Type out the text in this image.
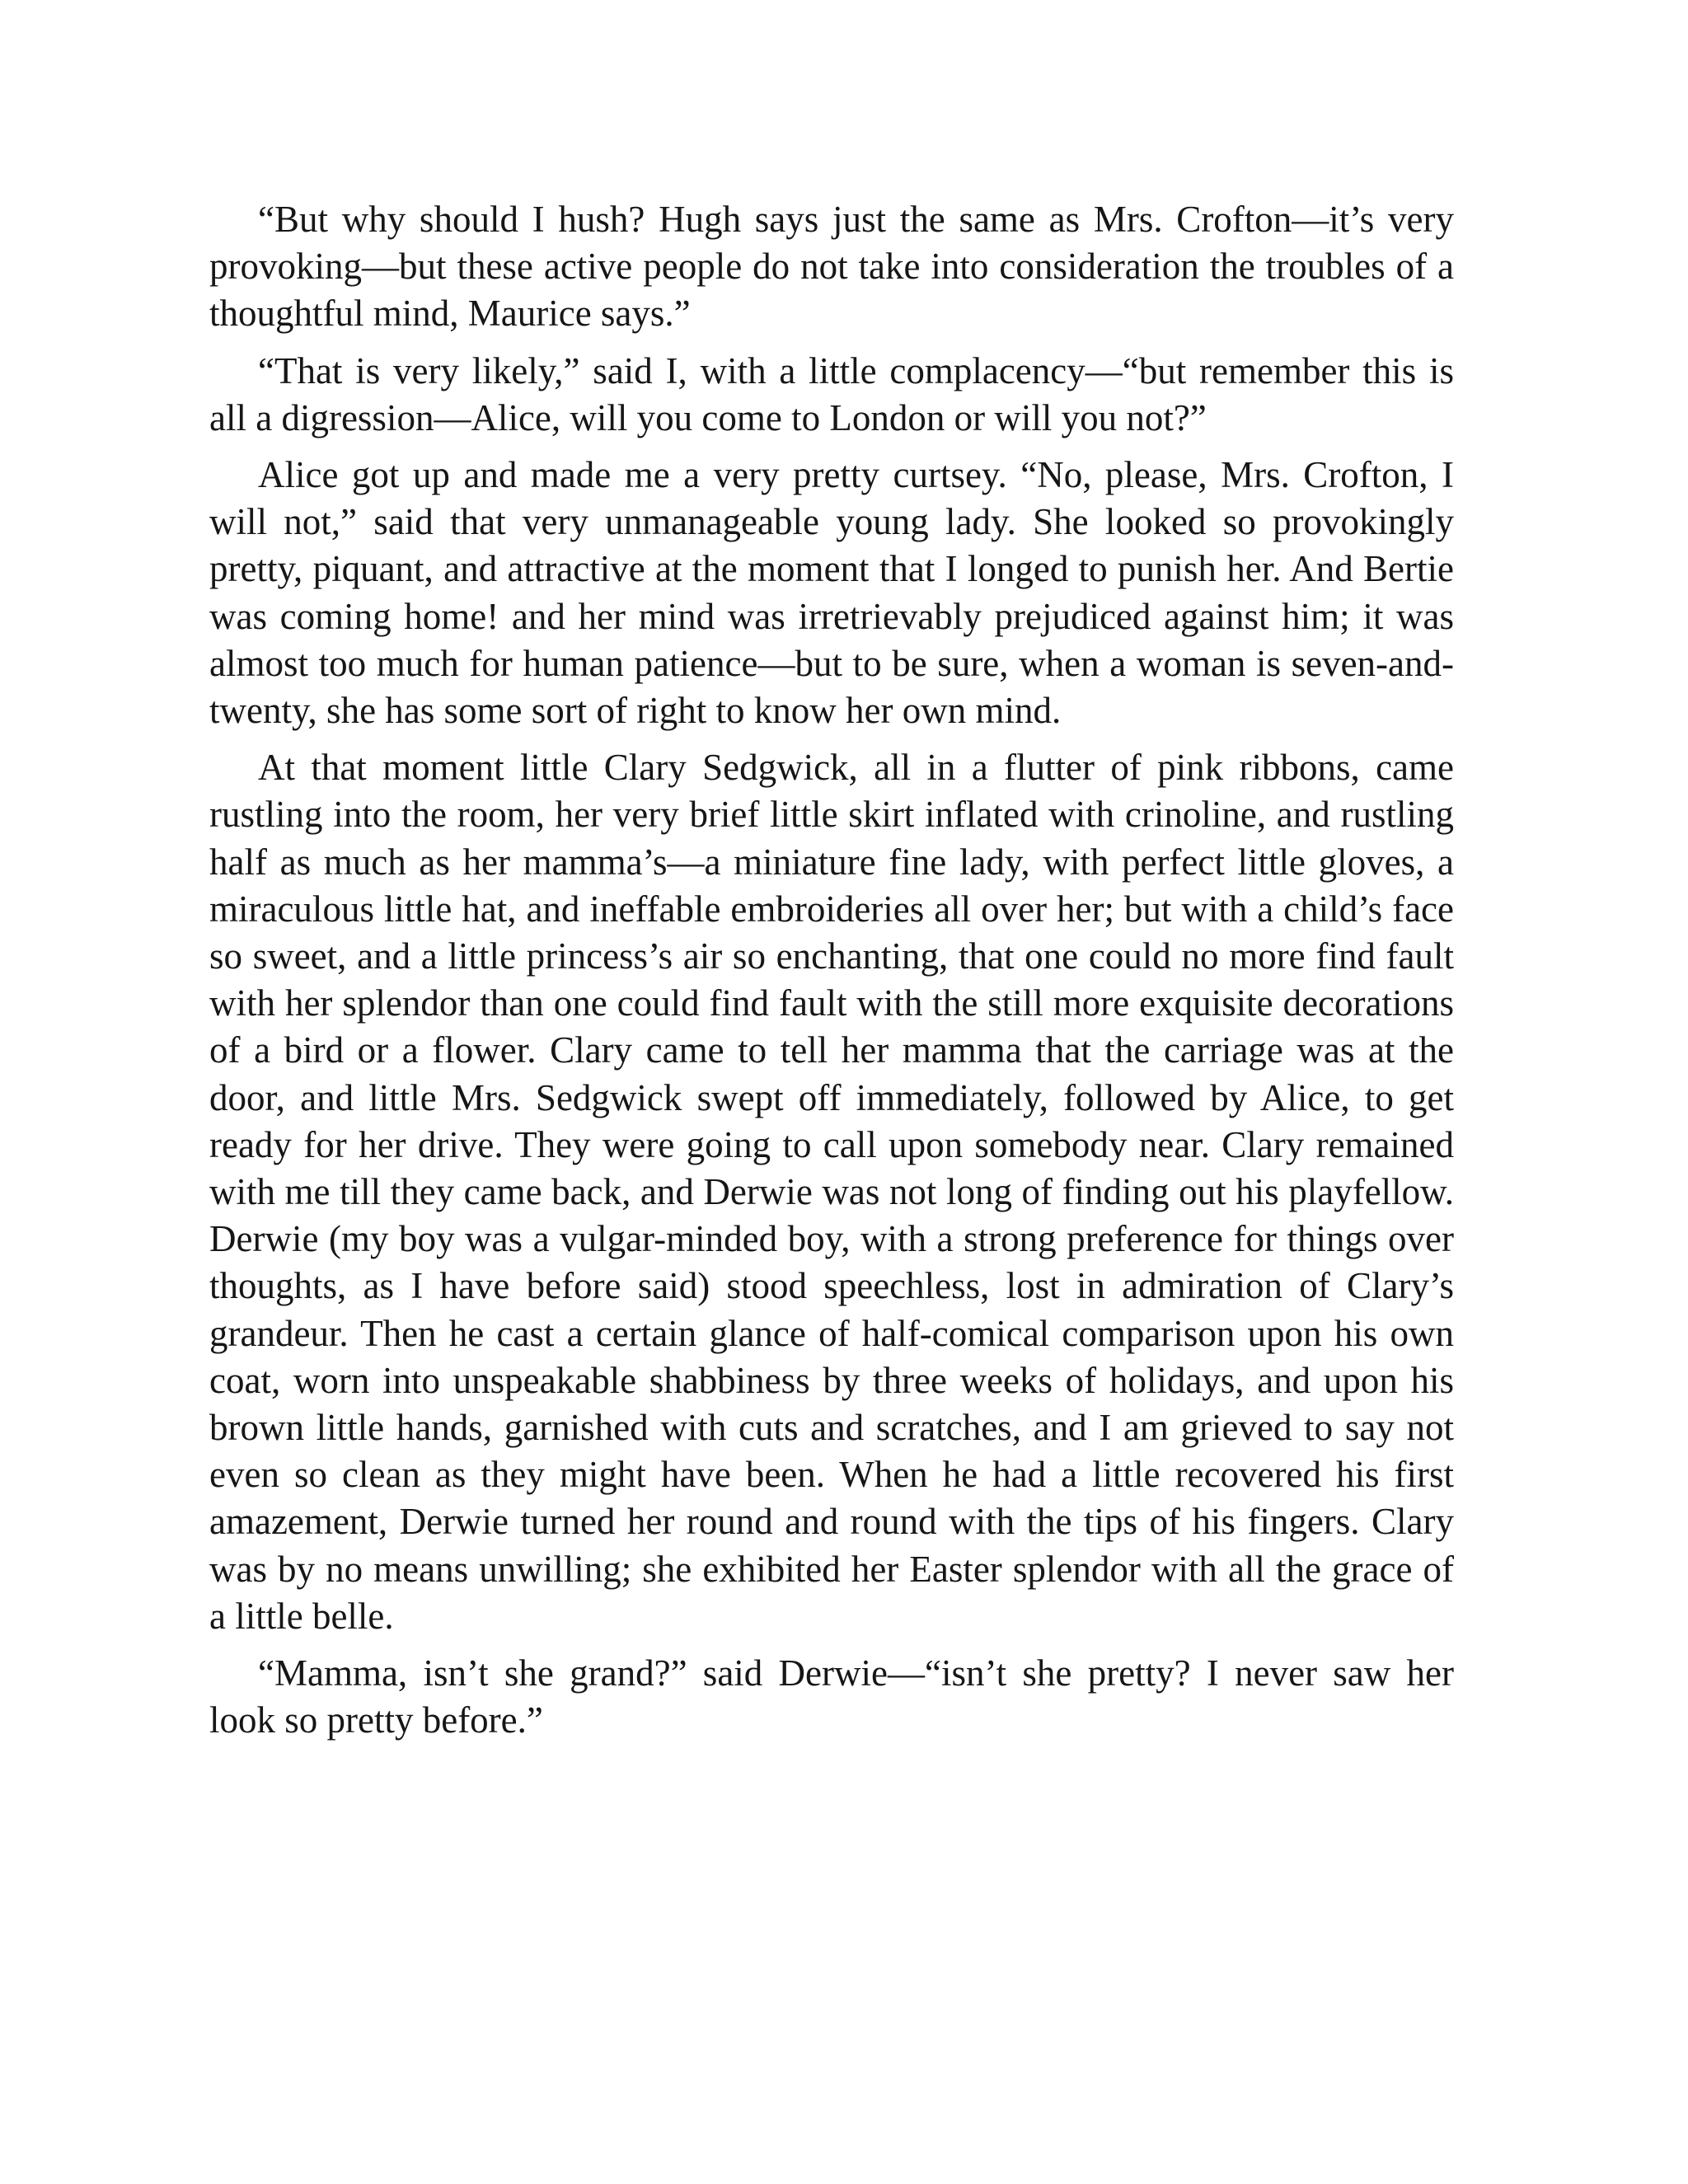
“But why should I hush? Hugh says just the same as Mrs. Crofton—it’s very provoking—but these active people do not take into consideration the troubles of a thoughtful mind, Maurice says.”

“That is very likely,” said I, with a little complacency—“but remember this is all a digression—Alice, will you come to London or will you not?”

Alice got up and made me a very pretty curtsey. “No, please, Mrs. Crofton, I will not,” said that very unmanageable young lady. She looked so provokingly pretty, piquant, and attractive at the moment that I longed to punish her. And Bertie was coming home! and her mind was irretrievably prejudiced against him; it was almost too much for human patience—but to be sure, when a woman is seven-and-twenty, she has some sort of right to know her own mind.

At that moment little Clary Sedgwick, all in a flutter of pink ribbons, came rustling into the room, her very brief little skirt inflated with crinoline, and rustling half as much as her mamma’s—a miniature fine lady, with perfect little gloves, a miraculous little hat, and ineffable embroideries all over her; but with a child’s face so sweet, and a little princess’s air so enchanting, that one could no more find fault with her splendor than one could find fault with the still more exquisite decorations of a bird or a flower. Clary came to tell her mamma that the carriage was at the door, and little Mrs. Sedgwick swept off immediately, followed by Alice, to get ready for her drive. They were going to call upon somebody near. Clary remained with me till they came back, and Derwie was not long of finding out his playfellow. Derwie (my boy was a vulgar-minded boy, with a strong preference for things over thoughts, as I have before said) stood speechless, lost in admiration of Clary’s grandeur. Then he cast a certain glance of half-comical comparison upon his own coat, worn into unspeakable shabbiness by three weeks of holidays, and upon his brown little hands, garnished with cuts and scratches, and I am grieved to say not even so clean as they might have been. When he had a little recovered his first amazement, Derwie turned her round and round with the tips of his fingers. Clary was by no means unwilling; she exhibited her Easter splendor with all the grace of a little belle.

“Mamma, isn’t she grand?” said Derwie—“isn’t she pretty? I never saw her look so pretty before.”
